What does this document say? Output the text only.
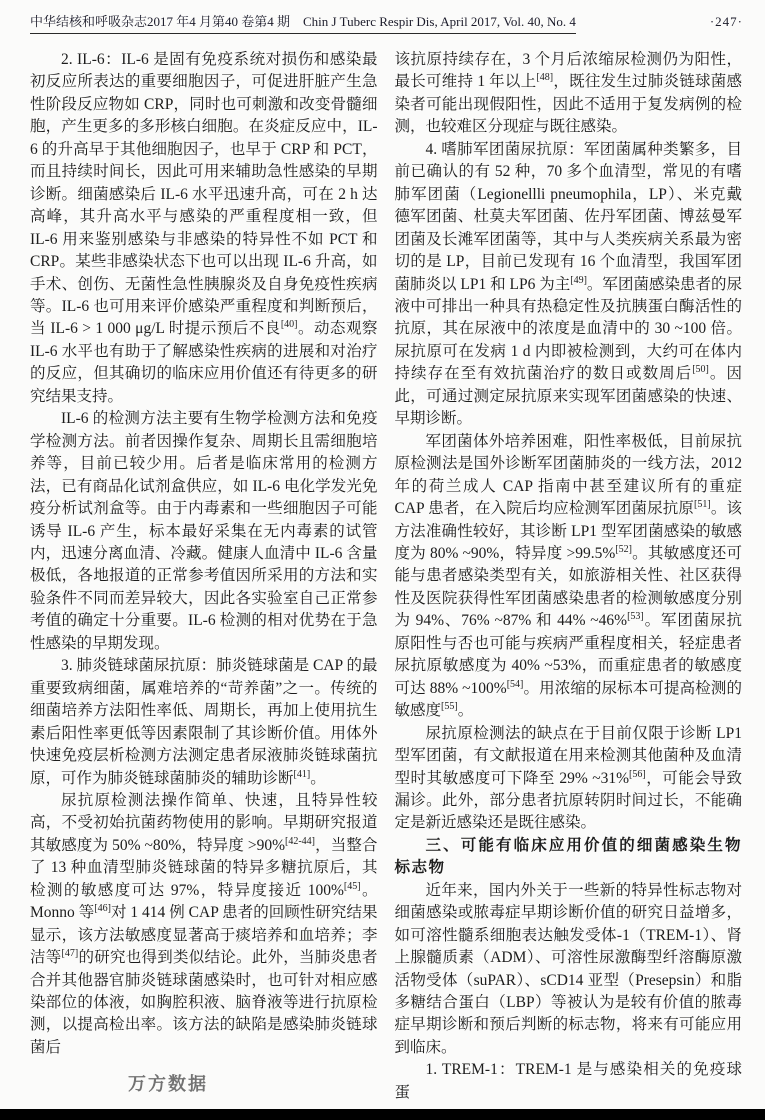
中华结核和呼吸杂志2017 年4 月第40 卷第4 期　Chin J Tuberc Respir Dis, April 2017, Vol. 40, No. 4	·247·

2. IL-6：IL-6 是固有免疫系统对损伤和感染最初反应所表达的重要细胞因子，可促进肝脏产生急性阶段反应物如 CRP，同时也可刺激和改变骨髓细胞，产生更多的多形核白细胞。在炎症反应中，IL-6 的升高早于其他细胞因子，也早于 CRP 和 PCT，而且持续时间长，因此可用来辅助急性感染的早期诊断。细菌感染后 IL-6 水平迅速升高，可在 2 h 达高峰，其升高水平与感染的严重程度相一致，但 IL-6 用来鉴别感染与非感染的特异性不如 PCT 和 CRP。某些非感染状态下也可以出现 IL-6 升高，如手术、创伤、无菌性急性胰腺炎及自身免疫性疾病等。IL-6 也可用来评价感染严重程度和判断预后，当 IL-6 > 1 000 μg/L 时提示预后不良[40]。动态观察 IL-6 水平也有助于了解感染性疾病的进展和对治疗的反应，但其确切的临床应用价值还有待更多的研究结果支持。

IL-6 的检测方法主要有生物学检测方法和免疫学检测方法。前者因操作复杂、周期长且需细胞培养等，目前已较少用。后者是临床常用的检测方法，已有商品化试剂盒供应，如 IL-6 电化学发光免疫分析试剂盒等。由于内毒素和一些细胞因子可能诱导 IL-6 产生，标本最好采集在无内毒素的试管内，迅速分离血清、冷藏。健康人血清中 IL-6 含量极低，各地报道的正常参考值因所采用的方法和实验条件不同而差异较大，因此各实验室自己正常参考值的确定十分重要。IL-6 检测的相对优势在于急性感染的早期发现。

3. 肺炎链球菌尿抗原：肺炎链球菌是 CAP 的最重要致病细菌，属难培养的“苛养菌”之一。传统的细菌培养方法阳性率低、周期长，再加上使用抗生素后阳性率更低等因素限制了其诊断价值。用体外快速免疫层析检测方法测定患者尿液肺炎链球菌抗原，可作为肺炎链球菌肺炎的辅助诊断[41]。

尿抗原检测法操作简单、快速，且特异性较高，不受初始抗菌药物使用的影响。早期研究报道其敏感度为 50% ~80%，特异度 >90%[42-44]，当整合了 13 种血清型肺炎链球菌的特异多糖抗原后，其检测的敏感度可达 97%，特异度接近 100%[45]。Monno 等[46]对 1 414 例 CAP 患者的回顾性研究结果显示，该方法敏感度显著高于痰培养和血培养；李洁等[47]的研究也得到类似结论。此外，当肺炎患者合并其他器官肺炎链球菌感染时，也可针对相应感染部位的体液，如胸腔积液、脑脊液等进行抗原检测，以提高检出率。该方法的缺陷是感染肺炎链球菌后

该抗原持续存在，3 个月后浓缩尿检测仍为阳性，最长可维持 1 年以上[48]，既往发生过肺炎链球菌感染者可能出现假阳性，因此不适用于复发病例的检测，也较难区分现症与既往感染。

4. 嗜肺军团菌尿抗原：军团菌属种类繁多，目前已确认的有 52 种，70 多个血清型，常见的有嗜肺军团菌（Legionellli pneumophila，LP）、米克戴德军团菌、杜莫夫军团菌、佐丹军团菌、博兹曼军团菌及长滩军团菌等，其中与人类疾病关系最为密切的是 LP，目前已发现有 16 个血清型，我国军团菌肺炎以 LP1 和 LP6 为主[49]。军团菌感染患者的尿液中可排出一种具有热稳定性及抗胰蛋白酶活性的抗原，其在尿液中的浓度是血清中的 30 ~100 倍。尿抗原可在发病 1 d 内即被检测到，大约可在体内持续存在至有效抗菌治疗的数日或数周后[50]。因此，可通过测定尿抗原来实现军团菌感染的快速、早期诊断。

军团菌体外培养困难，阳性率极低，目前尿抗原检测法是国外诊断军团菌肺炎的一线方法，2012 年的荷兰成人 CAP 指南中甚至建议所有的重症 CAP 患者，在入院后均应检测军团菌尿抗原[51]。该方法准确性较好，其诊断 LP1 型军团菌感染的敏感度为 80% ~90%，特异度 >99.5%[52]。其敏感度还可能与患者感染类型有关，如旅游相关性、社区获得性及医院获得性军团菌感染患者的检测敏感度分别为 94%、76% ~87% 和 44% ~46%[53]。军团菌尿抗原阳性与否也可能与疾病严重程度相关，轻症患者尿抗原敏感度为 40% ~53%，而重症患者的敏感度可达 88% ~100%[54]。用浓缩的尿标本可提高检测的敏感度[55]。

尿抗原检测法的缺点在于目前仅限于诊断 LP1 型军团菌，有文献报道在用来检测其他菌种及血清型时其敏感度可下降至 29% ~31%[56]，可能会导致漏诊。此外，部分患者抗原转阴时间过长，不能确定是新近感染还是既往感染。

三、可能有临床应用价值的细菌感染生物标志物

近年来，国内外关于一些新的特异性标志物对细菌感染或脓毒症早期诊断价值的研究日益增多，如可溶性髓系细胞表达触发受体-1（TREM-1）、肾上腺髓质素（ADM）、可溶性尿激酶型纤溶酶原激活物受体（suPAR）、sCD14 亚型（Presepsin）和脂多糖结合蛋白（LBP）等被认为是较有价值的脓毒症早期诊断和预后判断的标志物，将来有可能应用到临床。

1. TREM-1：TREM-1 是与感染相关的免疫球蛋

万方数据
